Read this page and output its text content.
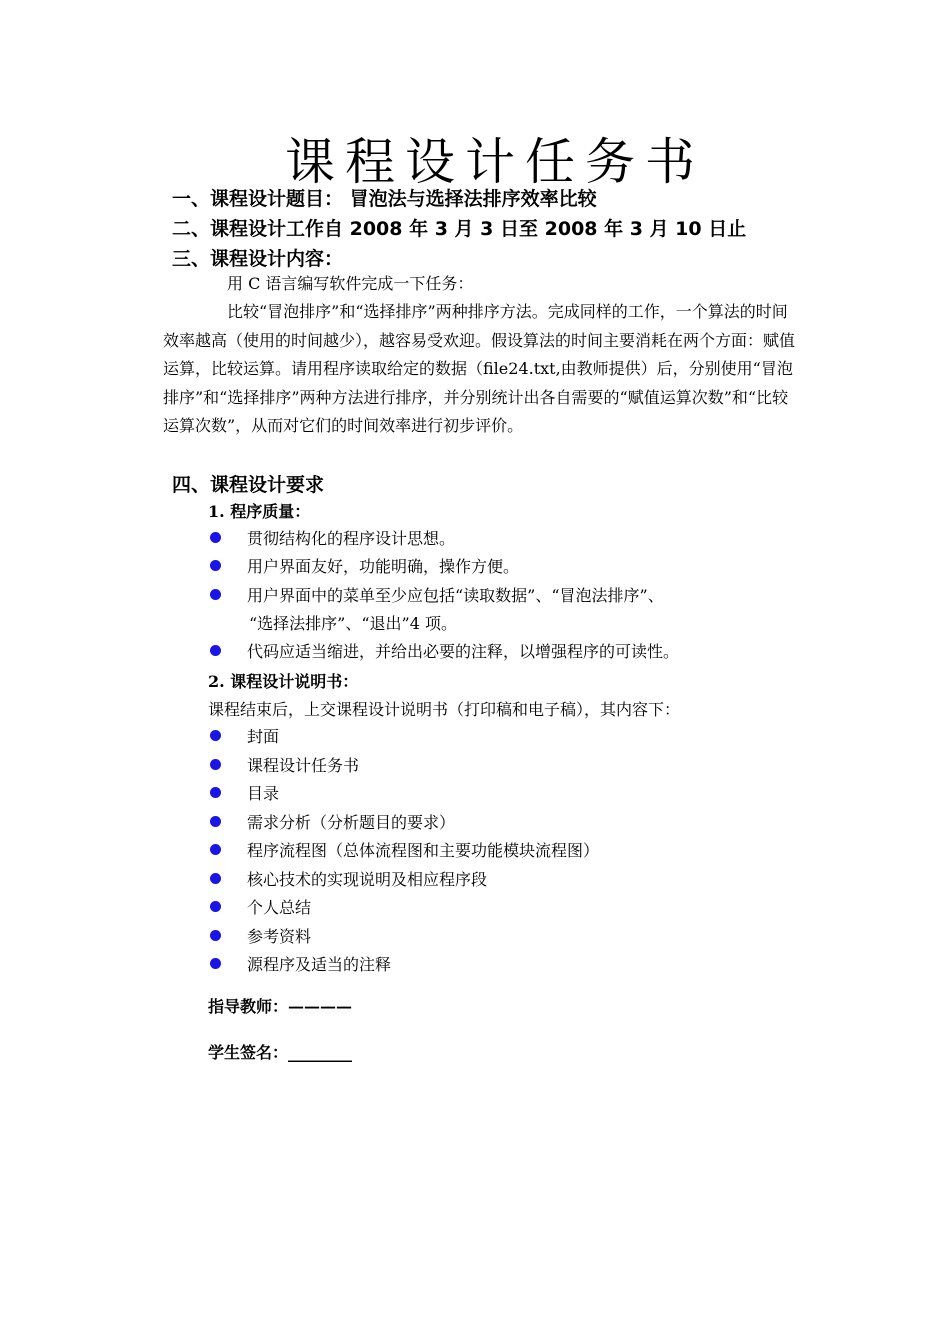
课程设计任务书
一、课程设计题目： 冒泡法与选择法排序效率比较
二、课程设计工作自 2008 年 3 月 3 日至 2008 年 3 月 10 日止
三、课程设计内容：
用 C 语言编写软件完成一下任务：

比较“冒泡排序”和“选择排序”两种排序方法。完成同样的工作，一个算法的时间效率越高（使用的时间越少），越容易受欢迎。假设算法的时间主要消耗在两个方面：赋值运算，比较运算。请用程序读取给定的数据（file24.txt,由教师提供）后，分别使用“冒泡排序”和“选择排序”两种方法进行排序，并分别统计出各自需要的“赋值运算次数”和“比较运算次数”，从而对它们的时间效率进行初步评价。

四、课程设计要求
1. 程序质量：
贯彻结构化的程序设计思想。
用户界面友好，功能明确，操作方便。
用户界面中的菜单至少应包括“读取数据”、“冒泡法排序”、
“选择法排序”、“退出”4 项。
代码应适当缩进，并给出必要的注释，以增强程序的可读性。
2. 课程设计说明书：
课程结束后，上交课程设计说明书（打印稿和电子稿），其内容下：
封面
课程设计任务书
目录
需求分析（分析题目的要求）
程序流程图（总体流程图和主要功能模块流程图）
核心技术的实现说明及相应程序段
个人总结
参考资料
源程序及适当的注释
指导教师：————
学生签名：________
